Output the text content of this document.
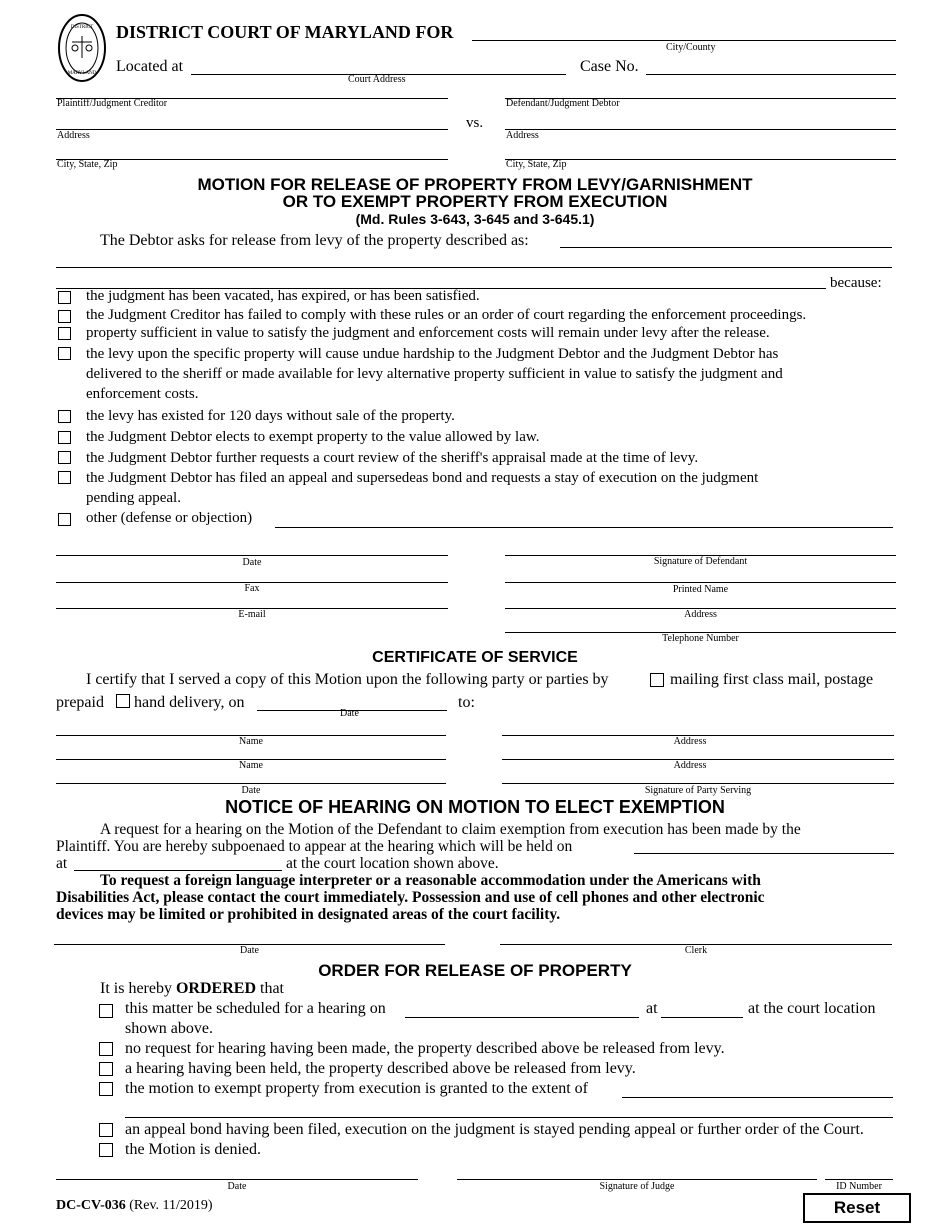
DISTRICT
MARYLAND
DISTRICT COURT OF MARYLAND FOR
City/County
Located at
Court Address
Case No.
Plaintiff/Judgment Creditor
Address
City, State, Zip
vs.
Defendant/Judgment Debtor
Address
City, State, Zip
MOTION FOR RELEASE OF PROPERTY FROM LEVY/GARNISHMENT
OR TO EXEMPT PROPERTY FROM EXECUTION
(Md. Rules 3-643, 3-645 and 3-645.1)
The Debtor asks for release from levy of the property described as:
because:
the judgment has been vacated, has expired, or has been satisfied.
the Judgment Creditor has failed to comply with these rules or an order of court regarding the enforcement proceedings.
property sufficient in value to satisfy the judgment and enforcement costs will remain under levy after the release.
the levy upon the specific property will cause undue hardship to the Judgment Debtor and the Judgment Debtor has
delivered to the sheriff or made available for levy alternative property sufficient in value to satisfy the judgment and
enforcement costs.
the levy has existed for 120 days without sale of the property.
the Judgment Debtor elects to exempt property to the value allowed by law.
the Judgment Debtor further requests a court review of the sheriff's appraisal made at the time of levy.
the Judgment Debtor has filed an appeal and supersedeas bond and requests a stay of execution on the judgment
pending appeal.
other (defense or objection)
Date
Fax
E-mail
Signature of Defendant
Printed Name
Address
Telephone Number
CERTIFICATE OF SERVICE
I certify that I served a copy of this Motion upon the following party or parties by	mailing first class mail, postage
prepaid hand delivery, on
Date
to:
Name
Name
Date
Address
Address
Signature of Party Serving
NOTICE OF HEARING ON MOTION TO ELECT EXEMPTION
A request for a hearing on the Motion of the Defendant to claim exemption from execution has been made by the
Plaintiff. You are hereby subpoenaed to appear at the hearing which will be held on
at	at the court location shown above.
To request a foreign language interpreter or a reasonable accommodation under the Americans with
Disabilities Act, please contact the court immediately. Possession and use of cell phones and other electronic
devices may be limited or prohibited in designated areas of the court facility.
Date	Clerk
ORDER FOR RELEASE OF PROPERTY
It is hereby ORDERED that
this matter be scheduled for a hearing on	at	at the court location
shown above.
no request for hearing having been made, the property described above be released from levy.
a hearing having been held, the property described above be released from levy.
the motion to exempt property from execution is granted to the extent of
an appeal bond having been filed, execution on the judgment is stayed pending appeal or further order of the Court.
the Motion is denied.
Date	Signature of Judge	ID Number
DC-CV-036 (Rev. 11/2019)	Reset
